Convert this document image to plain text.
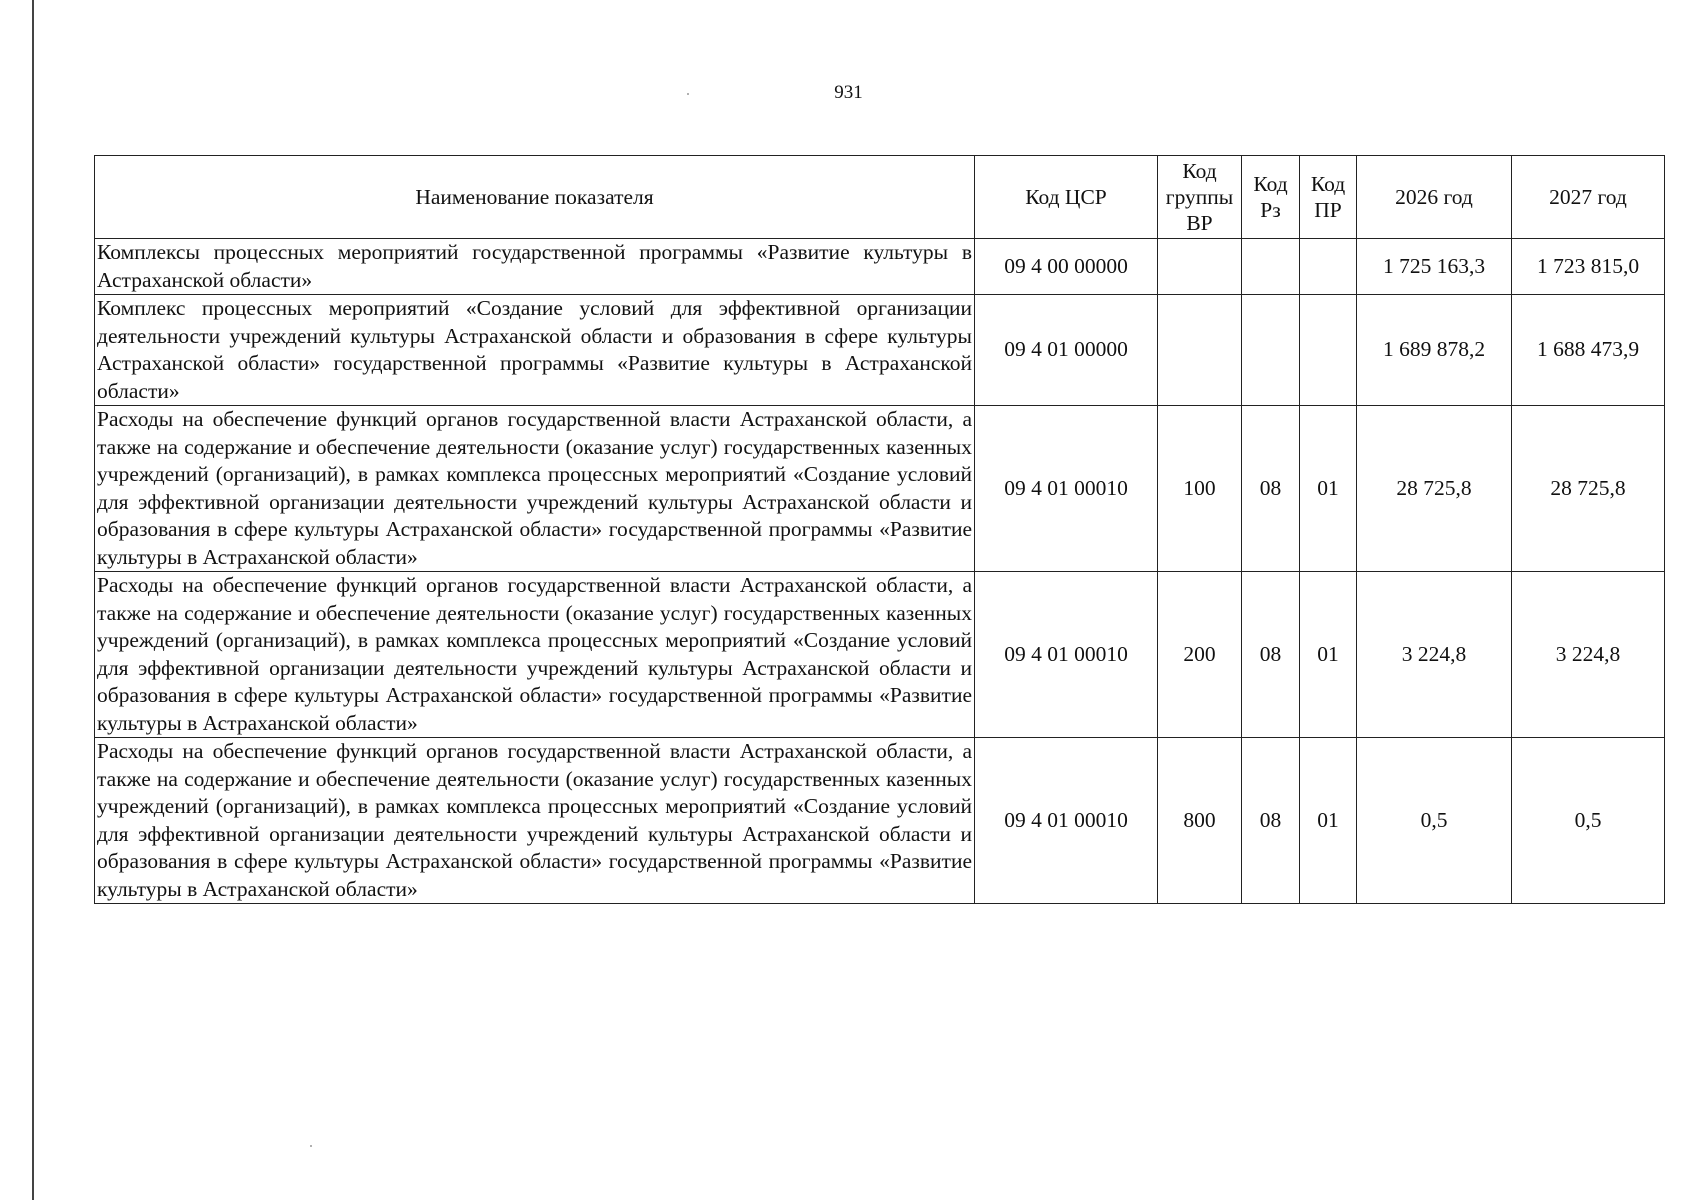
931
Наименование показателя	Код ЦСР	Код группы ВР	Код Рз	Код ПР	2026 год	2027 год
Комплексы процессных мероприятий государственной программы «Развитие культуры в Астраханской области»	09 4 00 00000				1 725 163,3	1 723 815,0
Комплекс процессных мероприятий «Создание условий для эффективной организации деятельности учреждений культуры Астраханской области и образования в сфере культуры Астраханской области» государственной программы «Развитие культуры в Астраханской области»	09 4 01 00000				1 689 878,2	1 688 473,9
Расходы на обеспечение функций органов государственной власти Астраханской области, а также на содержание и обеспечение деятельности (оказание услуг) государственных казенных учреждений (организаций), в рамках комплекса процессных мероприятий «Создание условий для эффективной организации деятельности учреждений культуры Астраханской области и образования в сфере культуры Астраханской области» государственной программы «Развитие культуры в Астраханской области»	09 4 01 00010	100	08	01	28 725,8	28 725,8
Расходы на обеспечение функций органов государственной власти Астраханской области, а также на содержание и обеспечение деятельности (оказание услуг) государственных казенных учреждений (организаций), в рамках комплекса процессных мероприятий «Создание условий для эффективной организации деятельности учреждений культуры Астраханской области и образования в сфере культуры Астраханской области» государственной программы «Развитие культуры в Астраханской области»	09 4 01 00010	200	08	01	3 224,8	3 224,8
Расходы на обеспечение функций органов государственной власти Астраханской области, а также на содержание и обеспечение деятельности (оказание услуг) государственных казенных учреждений (организаций), в рамках комплекса процессных мероприятий «Создание условий для эффективной организации деятельности учреждений культуры Астраханской области и образования в сфере культуры Астраханской области» государственной программы «Развитие культуры в Астраханской области»	09 4 01 00010	800	08	01	0,5	0,5
